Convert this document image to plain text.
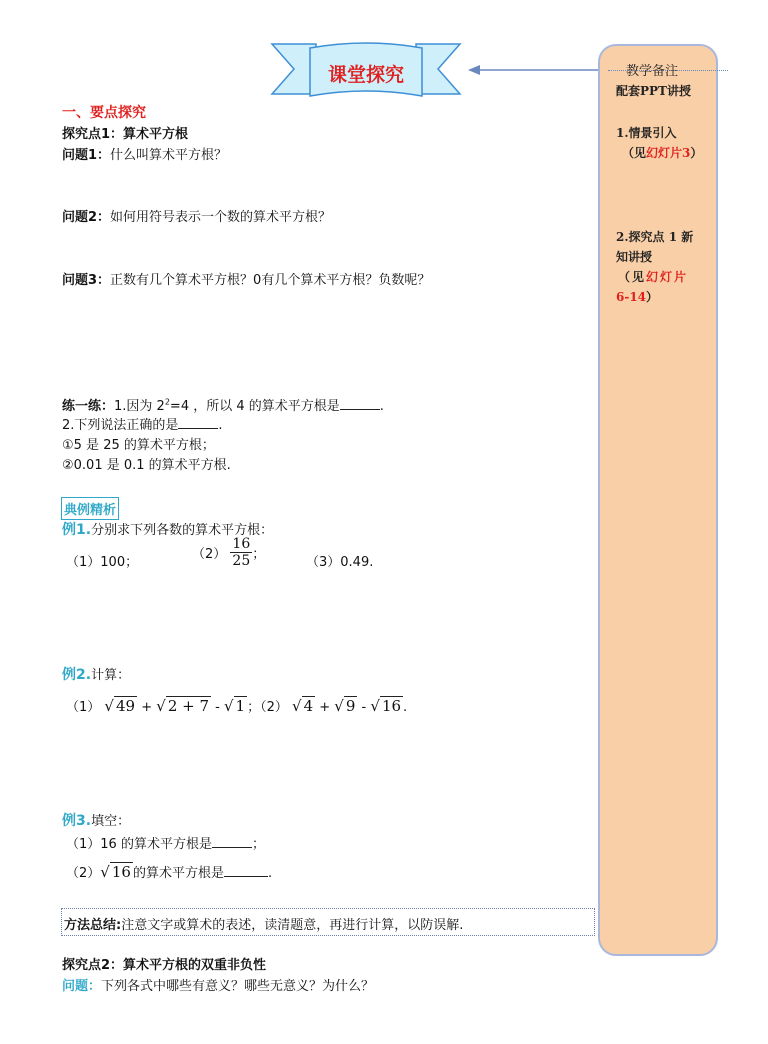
课堂探究	教学备注
配套PPT讲授
1.情景引入
（见幻灯片3）
2.探究点 1 新
知讲授
（见幻灯片
6-14）
一、要点探究
探究点1：算术平方根
问题1：什么叫算术平方根？
问题2：如何用符号表示一个数的算术平方根？
问题3：正数有几个算术平方根？0有几个算术平方根？负数呢？
练一练：1.因为 $2^2=4$ ，所以 4 的算术平方根是	.
2.下列说法正确的是	.
①5 是 25 的算术平方根；
②0.01 是 0.1 的算术平方根.
典例精析
例1.分别求下列各数的算术平方根：
（1）100；
$(2) \frac{16}{25}$ ；
（3）0.49.
例2.计算：
（1） √ 49 + √ 2 + 7 - √ 1 ；（2） √ 4 + √ 9 - √ 16 .
例3.填空：
（1）16 的算术平方根是	；
（2）√ 16 的算术平方根是	.
方法总结:注意文字或算术的表述，读清题意，再进行计算，以防误解.
探究点2：算术平方根的双重非负性
问题：下列各式中哪些有意义？哪些无意义？为什么？
